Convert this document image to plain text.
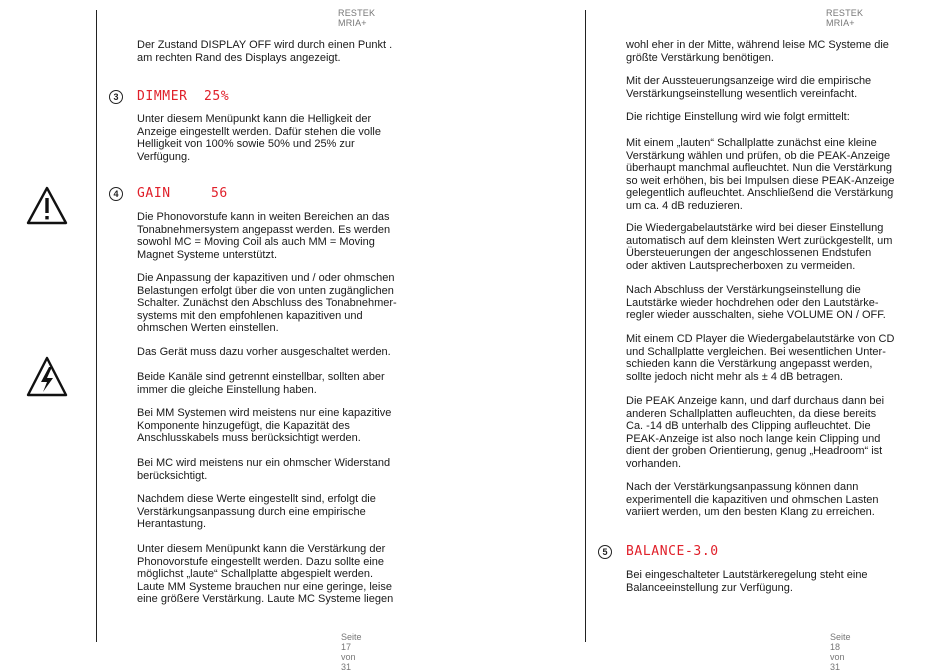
RESTEK MRIA+
Der Zustand DISPLAY OFF wird durch einen Punkt .
am rechten Rand des Displays angezeigt.
3	DIMMER 25%
Unter diesem Menüpunkt kann die Helligkeit der
Anzeige eingestellt werden. Dafür stehen die volle
Helligkeit von 100% sowie 50% und 25% zur
Verfügung.
4	GAIN	56
Die Phonovorstufe kann in weiten Bereichen an das
Tonabnehmersystem angepasst werden. Es werden
sowohl MC = Moving Coil als auch MM = Moving
Magnet Systeme unterstützt.
Die Anpassung der kapazitiven und / oder ohmschen
Belastungen erfolgt über die von unten zugänglichen
Schalter. Zunächst den Abschluss des Tonabnehmer-
systems mit den empfohlenen kapazitiven und
ohmschen Werten einstellen.
Das Gerät muss dazu vorher ausgeschaltet werden.
Beide Kanäle sind getrennt einstellbar, sollten aber
immer die gleiche Einstellung haben.
Bei MM Systemen wird meistens nur eine kapazitive
Komponente hinzugefügt, die Kapazität des
Anschlusskabels muss berücksichtigt werden.
Bei MC wird meistens nur ein ohmscher Widerstand
berücksichtigt.
Nachdem diese Werte eingestellt sind, erfolgt die
Verstärkungsanpassung durch eine empirische
Herantastung.
Unter diesem Menüpunkt kann die Verstärkung der
Phonovorstufe eingestellt werden. Dazu sollte eine
möglichst „laute“ Schallplatte abgespielt werden.
Laute MM Systeme brauchen nur eine geringe, leise
eine größere Verstärkung. Laute MC Systeme liegen
Seite 17 von 31
RESTEK MRIA+
wohl eher in der Mitte, während leise MC Systeme die
größte Verstärkung benötigen.
Mit der Aussteuerungsanzeige wird die empirische
Verstärkungseinstellung wesentlich vereinfacht.
Die richtige Einstellung wird wie folgt ermittelt:
Mit einem „lauten“ Schallplatte zunächst eine kleine
Verstärkung wählen und prüfen, ob die PEAK-Anzeige
überhaupt manchmal aufleuchtet. Nun die Verstärkung
so weit erhöhen, bis bei Impulsen diese PEAK-Anzeige
gelegentlich aufleuchtet. Anschließend die Verstärkung
um ca. 4 dB reduzieren.
Die Wiedergabelautstärke wird bei dieser Einstellung
automatisch auf dem kleinsten Wert zurückgestellt, um
Übersteuerungen der angeschlossenen Endstufen
oder aktiven Lautsprecherboxen zu vermeiden.
Nach Abschluss der Verstärkungseinstellung die
Lautstärke wieder hochdrehen oder den Lautstärke-
regler wieder ausschalten, siehe VOLUME ON / OFF.
Mit einem CD Player die Wiedergabelautstärke von CD
und Schallplatte vergleichen. Bei wesentlichen Unter-
schieden kann die Verstärkung angepasst werden,
sollte jedoch nicht mehr als ± 4 dB betragen.
Die PEAK Anzeige kann, und darf durchaus dann bei
anderen Schallplatten aufleuchten, da diese bereits
Ca. -14 dB unterhalb des Clipping aufleuchtet. Die
PEAK-Anzeige ist also noch lange kein Clipping und
dient der groben Orientierung, genug „Headroom“ ist
vorhanden.
Nach der Verstärkungsanpassung können dann
experimentell die kapazitiven und ohmschen Lasten
variiert werden, um den besten Klang zu erreichen.
5	BALANCE -3.0
Bei eingeschalteter Lautstärkeregelung steht eine
Balanceeinstellung zur Verfügung.
Seite 18 von 31
